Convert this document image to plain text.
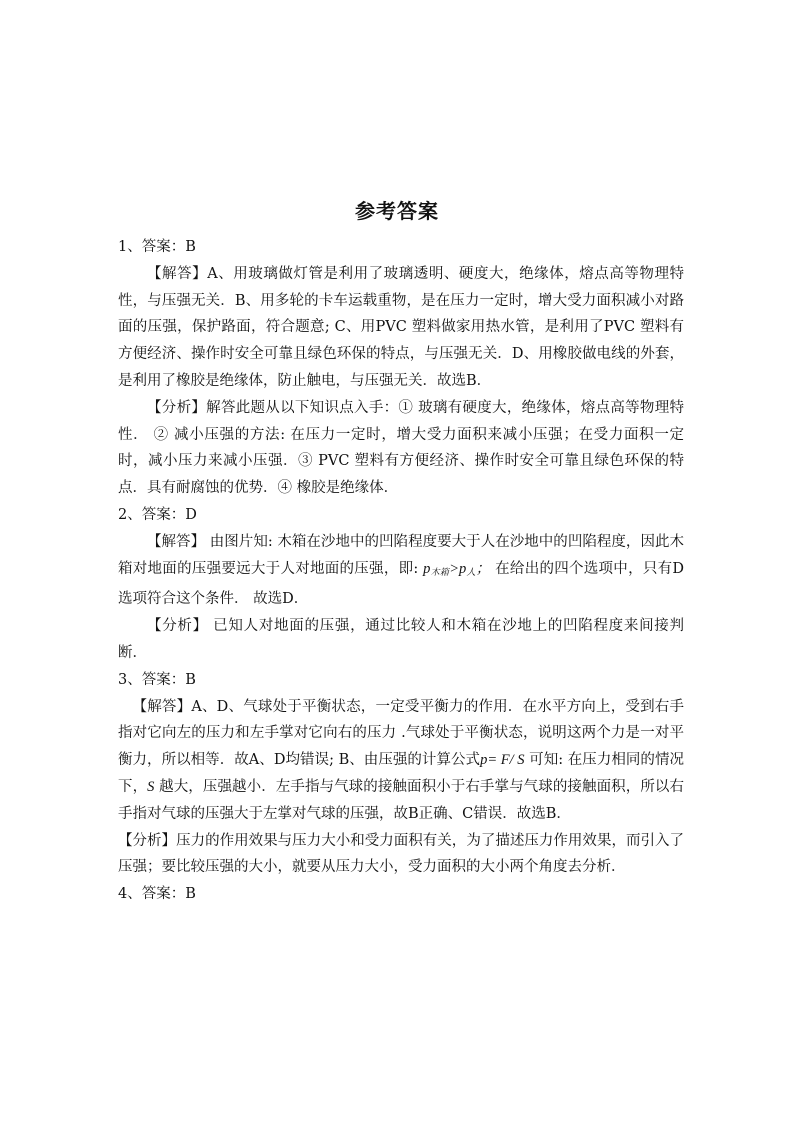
参考答案

1、答案：B

【解答】A、用玻璃做灯管是利用了玻璃透明、硬度大，绝缘体，熔点高等物理特性，与压强无关．B、用多轮的卡车运载重物，是在压力一定时，增大受力面积减小对路面的压强，保护路面，符合题意; C、用PVC 塑料做家用热水管，是利用了PVC 塑料有方便经济、操作时安全可靠且绿色环保的特点，与压强无关．D、用橡胶做电线的外套，是利用了橡胶是绝缘体，防止触电，与压强无关．故选B．

【分析】解答此题从以下知识点入手：① 玻璃有硬度大，绝缘体，熔点高等物理特性． ② 减小压强的方法: 在压力一定时，增大受力面积来减小压强；在受力面积一定时，减小压力来减小压强．③ PVC 塑料有方便经济、操作时安全可靠且绿色环保的特点．具有耐腐蚀的优势．④ 橡胶是绝缘体．

2、答案：D

【解答】 由图片知: 木箱在沙地中的凹陷程度要大于人在沙地中的凹陷程度，因此木箱对地面的压强要远大于人对地面的压强，即: $p_{木箱}>p_人$； 在给出的四个选项中，只有D选项符合这个条件． 故选D．

【分析】 已知人对地面的压强，通过比较人和木箱在沙地上的凹陷程度来间接判断．

3、答案：B

【解答】A、D、气球处于平衡状态，一定受平衡力的作用．在水平方向上，受到右手指对它向左的压力和左手掌对它向右的压力 .气球处于平衡状态，说明这两个力是一对平衡力，所以相等．故A、D均错误; B、由压强的计算公式p= F/ S 可知: 在压力相同的情况下，S 越大，压强越小．左手指与气球的接触面积小于右手掌与气球的接触面积，所以右手指对气球的压强大于左掌对气球的压强，故B正确、C错误．故选B．

【分析】压力的作用效果与压力大小和受力面积有关，为了描述压力作用效果，而引入了压强；要比较压强的大小，就要从压力大小，受力面积的大小两个角度去分析．

4、答案：B
